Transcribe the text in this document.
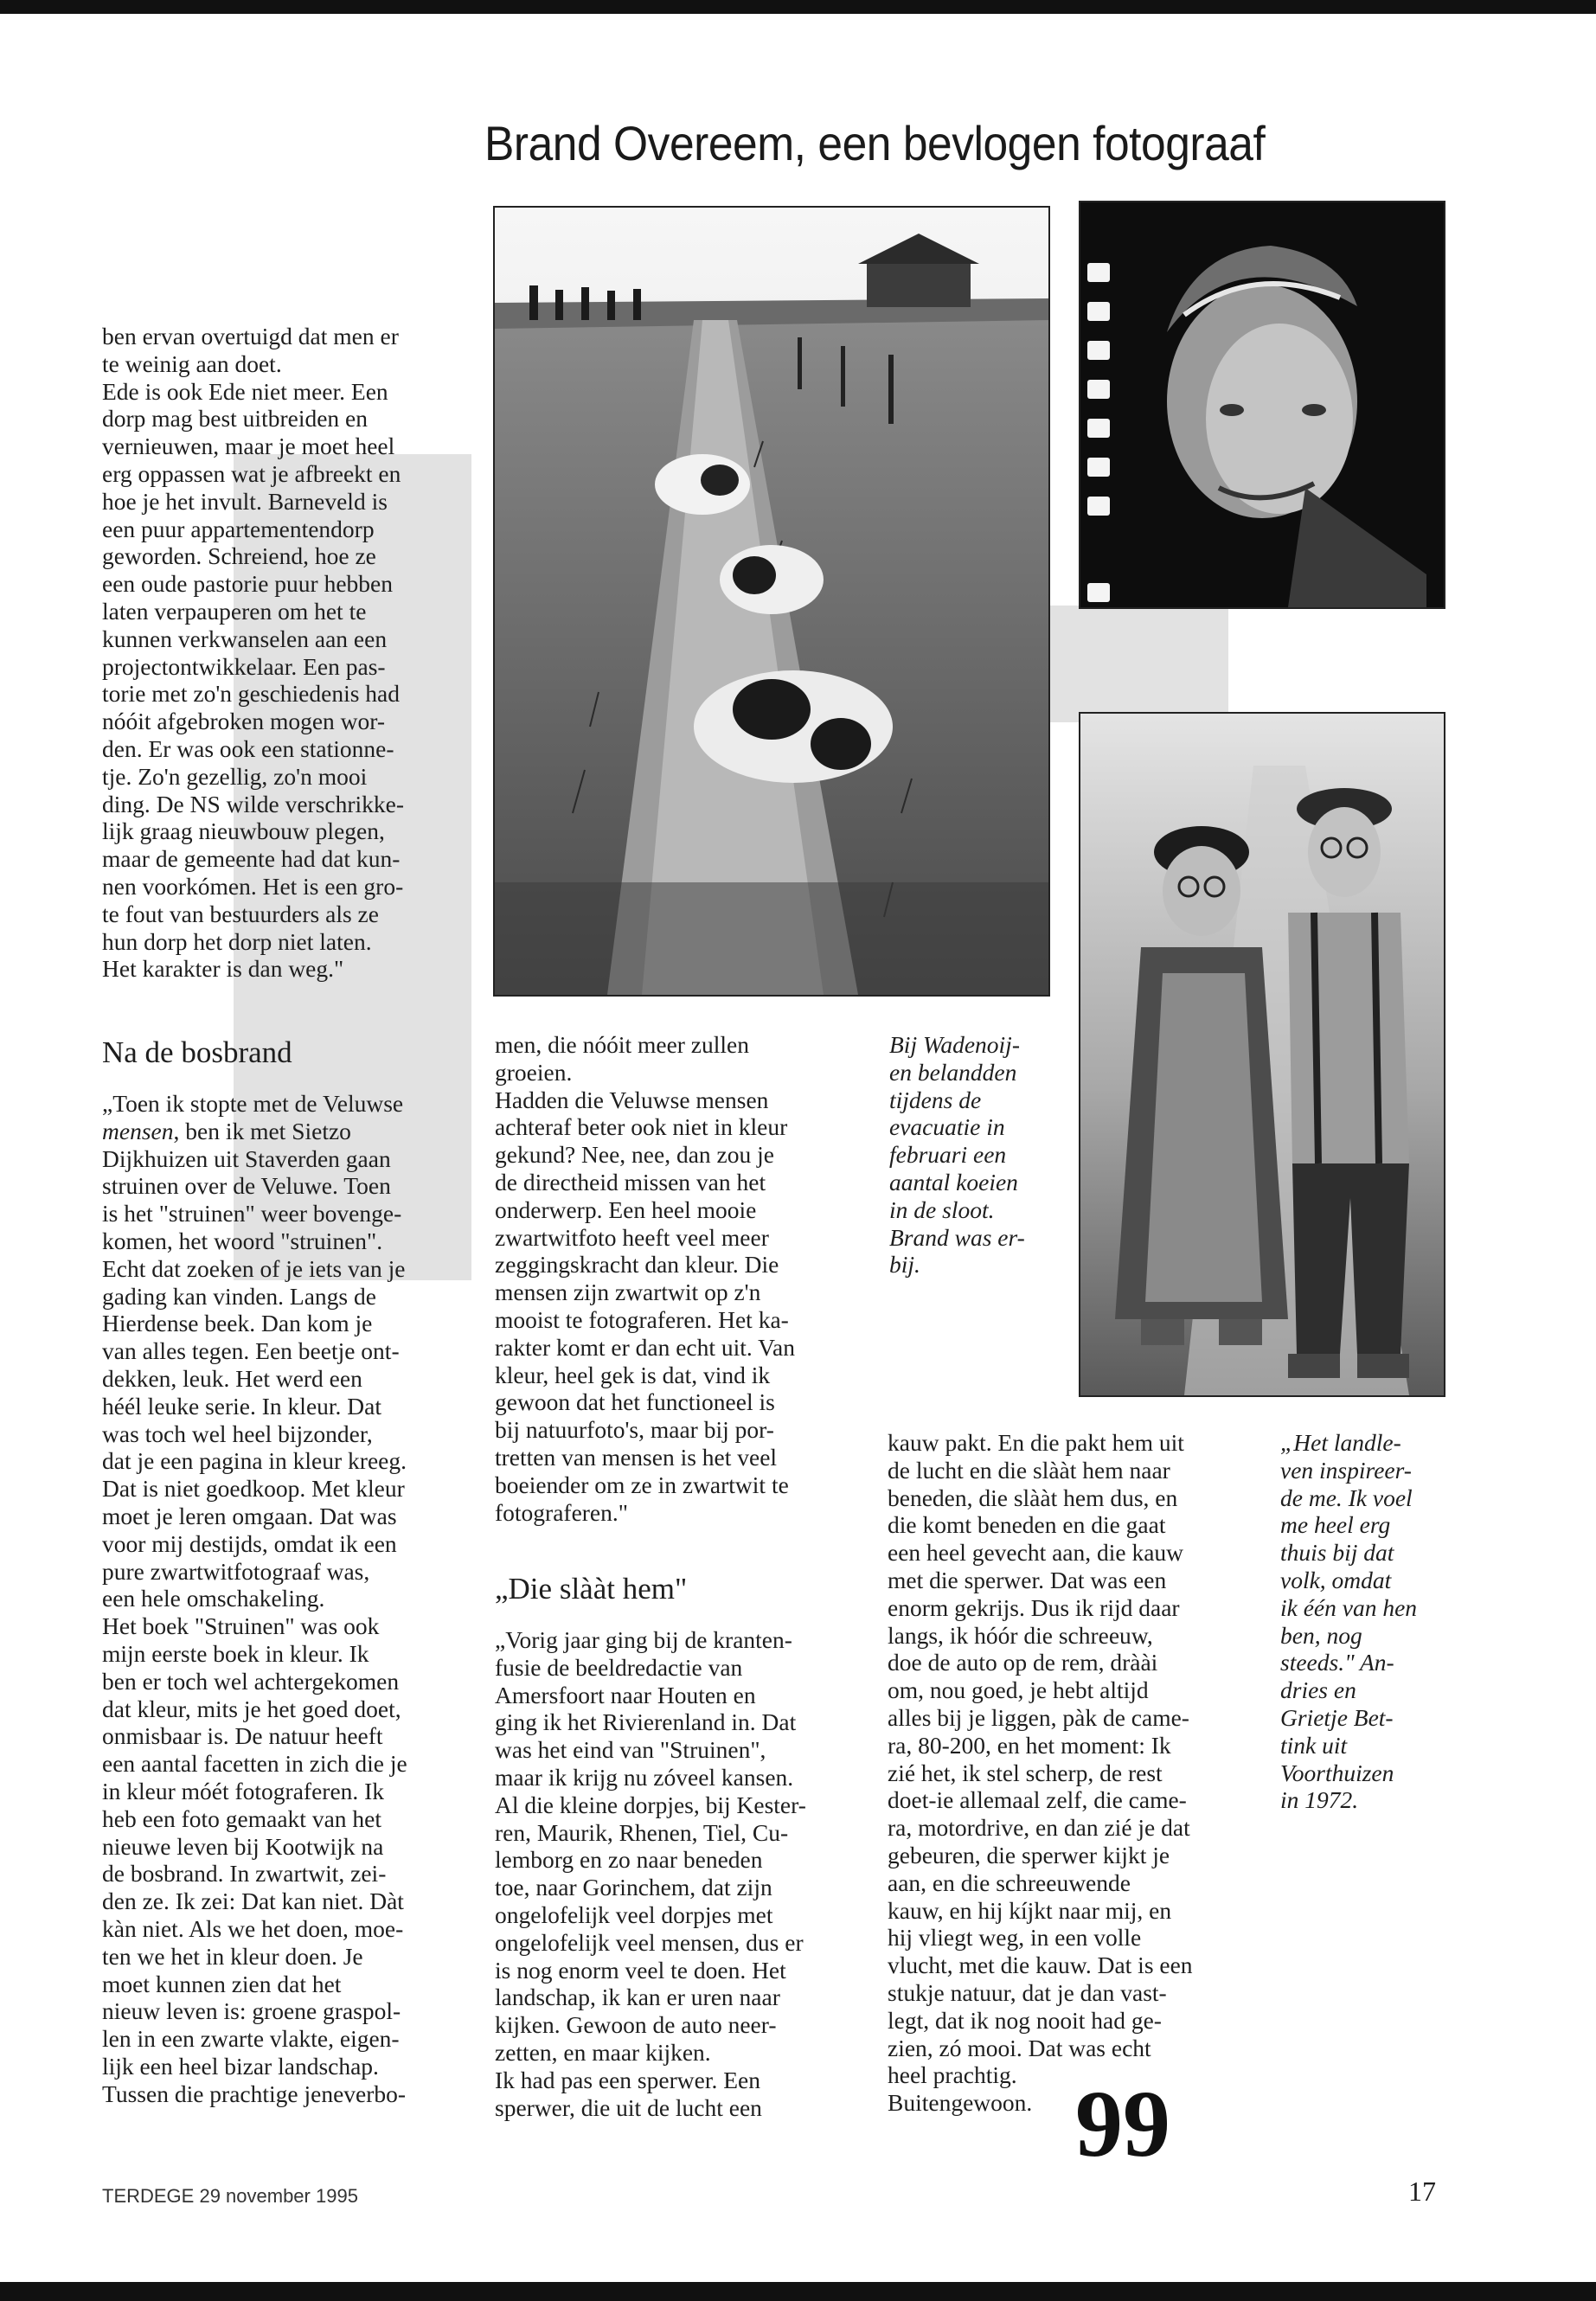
Brand Overeem, een bevlogen fotograaf
ben ervan overtuigd dat men er
te weinig aan doet.
Ede is ook Ede niet meer. Een
dorp mag best uitbreiden en
vernieuwen, maar je moet heel
erg oppassen wat je afbreekt en
hoe je het invult. Barneveld is
een puur appartementendorp
geworden. Schreiend, hoe ze
een oude pastorie puur hebben
laten verpauperen om het te
kunnen verkwanselen aan een
projectontwikkelaar. Een pas-
torie met zo'n geschiedenis had
nóóit afgebroken mogen wor-
den. Er was ook een stationne-
tje. Zo'n gezellig, zo'n mooi
ding. De NS wilde verschrikke-
lijk graag nieuwbouw plegen,
maar de gemeente had dat kun-
nen voorkómen. Het is een gro-
te fout van bestuurders als ze
hun dorp het dorp niet laten.
Het karakter is dan weg."
Na de bosbrand
„Toen ik stopte met de Veluwse
mensen, ben ik met Sietzo
Dijkhuizen uit Staverden gaan
struinen over de Veluwe. Toen
is het "struinen" weer bovenge-
komen, het woord "struinen".
Echt dat zoeken of je iets van je
gading kan vinden. Langs de
Hierdense beek. Dan kom je
van alles tegen. Een beetje ont-
dekken, leuk. Het werd een
héél leuke serie. In kleur. Dat
was toch wel heel bijzonder,
dat je een pagina in kleur kreeg.
Dat is niet goedkoop. Met kleur
moet je leren omgaan. Dat was
voor mij destijds, omdat ik een
pure zwartwitfotograaf was,
een hele omschakeling.
Het boek "Struinen" was ook
mijn eerste boek in kleur. Ik
ben er toch wel achtergekomen
dat kleur, mits je het goed doet,
onmisbaar is. De natuur heeft
een aantal facetten in zich die je
in kleur móét fotograferen. Ik
heb een foto gemaakt van het
nieuwe leven bij Kootwijk na
de bosbrand. In zwartwit, zei-
den ze. Ik zei: Dat kan niet. Dàt
kàn niet. Als we het doen, moe-
ten we het in kleur doen. Je
moet kunnen zien dat het
nieuw leven is: groene graspol-
len in een zwarte vlakte, eigen-
lijk een heel bizar landschap.
Tussen die prachtige jeneverbo-
men, die nóóit meer zullen
groeien.
Hadden die Veluwse mensen
achteraf beter ook niet in kleur
gekund? Nee, nee, dan zou je
de directheid missen van het
onderwerp. Een heel mooie
zwartwitfoto heeft veel meer
zeggingskracht dan kleur. Die
mensen zijn zwartwit op z'n
mooist te fotograferen. Het ka-
rakter komt er dan echt uit. Van
kleur, heel gek is dat, vind ik
gewoon dat het functioneel is
bij natuurfoto's, maar bij por-
tretten van mensen is het veel
boeiender om ze in zwartwit te
fotograferen."
„Die slààt hem"
„Vorig jaar ging bij de kranten-
fusie de beeldredactie van
Amersfoort naar Houten en
ging ik het Rivierenland in. Dat
was het eind van "Struinen",
maar ik krijg nu zóveel kansen.
Al die kleine dorpjes, bij Kester-
ren, Maurik, Rhenen, Tiel, Cu-
lemborg en zo naar beneden
toe, naar Gorinchem, dat zijn
ongelofelijk veel dorpjes met
ongelofelijk veel mensen, dus er
is nog enorm veel te doen. Het
landschap, ik kan er uren naar
kijken. Gewoon de auto neer-
zetten, en maar kijken.
Ik had pas een sperwer. Een
sperwer, die uit de lucht een
Bij Wadenoij-
en belandden
tijdens de
evacuatie in
februari een
aantal koeien
in de sloot.
Brand was er-
bij.
kauw pakt. En die pakt hem uit
de lucht en die slààt hem naar
beneden, die slààt hem dus, en
die komt beneden en die gaat
een heel gevecht aan, die kauw
met die sperwer. Dat was een
enorm gekrijs. Dus ik rijd daar
langs, ik hóór die schreeuw,
doe de auto op de rem, dràài
om, nou goed, je hebt altijd
alles bij je liggen, pàk de came-
ra, 80-200, en het moment: Ik
zié het, ik stel scherp, de rest
doet-ie allemaal zelf, die came-
ra, motordrive, en dan zié je dat
gebeuren, die sperwer kijkt je
aan, en die schreeuwende
kauw, en hij kíjkt naar mij, en
hij vliegt weg, in een volle
vlucht, met die kauw. Dat is een
stukje natuur, dat je dan vast-
legt, dat ik nog nooit had ge-
zien, zó mooi. Dat was echt
heel prachtig.
Buitengewoon. 99
„Het landle-
ven inspireer-
de me. Ik voel
me heel erg
thuis bij dat
volk, omdat
ik één van hen
ben, nog
steeds." An-
dries en
Grietje Bet-
tink uit
Voorthuizen
in 1972.
TERDEGE 29 november 1995	17
